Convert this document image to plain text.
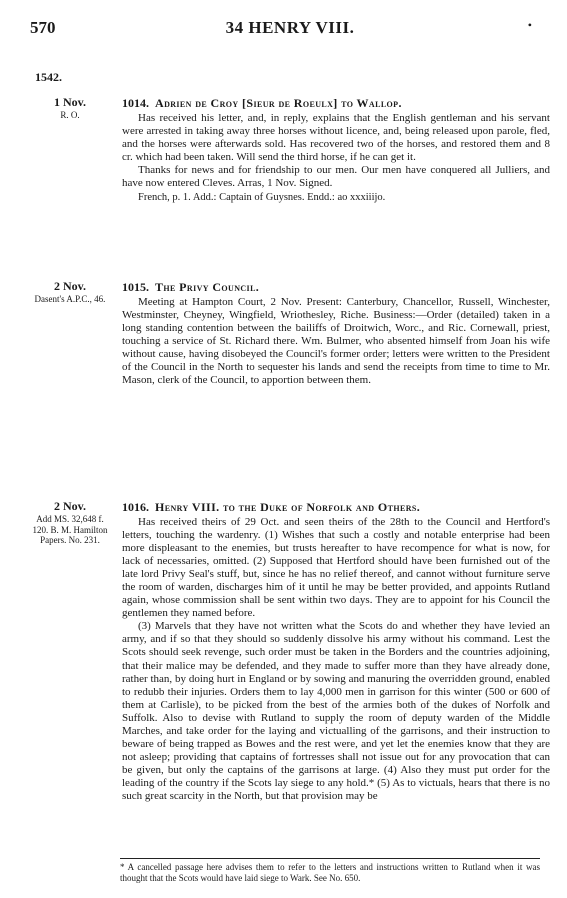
570	34 HENRY VIII.	•
1542.
1 Nov.
R. O.
1014. Adrien de Croy [Sieur de Roeulx] to Wallop.

Has received his letter, and, in reply, explains that the English gentleman and his servant were arrested in taking away three horses without licence, and, being released upon parole, fled, and the horses were afterwards sold. Has recovered two of the horses, and restored them and 8 cr. which had been taken. Will send the third horse, if he can get it.

Thanks for news and for friendship to our men. Our men have conquered all Julliers, and have now entered Cleves. Arras, 1 Nov. Signed.

French, p. 1. Add.: Captain of Guysnes. Endd.: ao xxxiiijo.

2 Nov.
Dasent's A.P.C., 46.
1015. The Privy Council.

Meeting at Hampton Court, 2 Nov. Present: Canterbury, Chancellor, Russell, Winchester, Westminster, Cheyney, Wingfield, Wriothesley, Riche. Business:—Order (detailed) taken in a long standing contention between the bailiffs of Droitwich, Worc., and Ric. Cornewall, priest, touching a service of St. Richard there. Wm. Bulmer, who absented himself from Joan his wife without cause, having disobeyed the Council's former order; letters were written to the President of the Council in the North to sequester his lands and send the receipts from time to time to Mr. Mason, clerk of the Council, to apportion between them.

2 Nov.
Add MS. 32,648 f. 120. B. M. Hamilton Papers. No. 231.
1016. Henry VIII. to the Duke of Norfolk and Others.

Has received theirs of 29 Oct. and seen theirs of the 28th to the Council and Hertford's letters, touching the wardenry. (1) Wishes that such a costly and notable enterprise had been more displeasant to the enemies, but trusts hereafter to have recompence for what is now, for lack of necessaries, omitted. (2) Supposed that Hertford should have been furnished out of the late lord Privy Seal's stuff, but, since he has no relief thereof, and cannot without furniture serve the room of warden, discharges him of it until he may be better provided, and appoints Rutland again, whose commission shall be sent within two days. They are to appoint for his Council the gentlemen they named before.

(3) Marvels that they have not written what the Scots do and whether they have levied an army, and if so that they should so suddenly dissolve his army without his command. Lest the Scots should seek revenge, such order must be taken in the Borders and the countries adjoining, that their malice may be defended, and they made to suffer more than they have already done, rather than, by doing hurt in England or by sowing and manuring the overridden ground, enabled to redubb their injuries. Orders them to lay 4,000 men in garrison for this winter (500 or 600 of them at Carlisle), to be picked from the best of the armies both of the dukes of Norfolk and Suffolk. Also to devise with Rutland to supply the room of deputy warden of the Middle Marches, and take order for the laying and victualling of the garrisons, and their instruction to beware of being trapped as Bowes and the rest were, and yet let the enemies know that they are not asleep; providing that captains of fortresses shall not issue out for any provocation that can be given, but only the captains of the garrisons at large. (4) Also they must put order for the leading of the country if the Scots lay siege to any hold.* (5) As to victuals, hears that there is no such great scarcity in the North, but that provision may be

* A cancelled passage here advises them to refer to the letters and instructions written to Rutland when it was thought that the Scots would have laid siege to Wark. See No. 650.
